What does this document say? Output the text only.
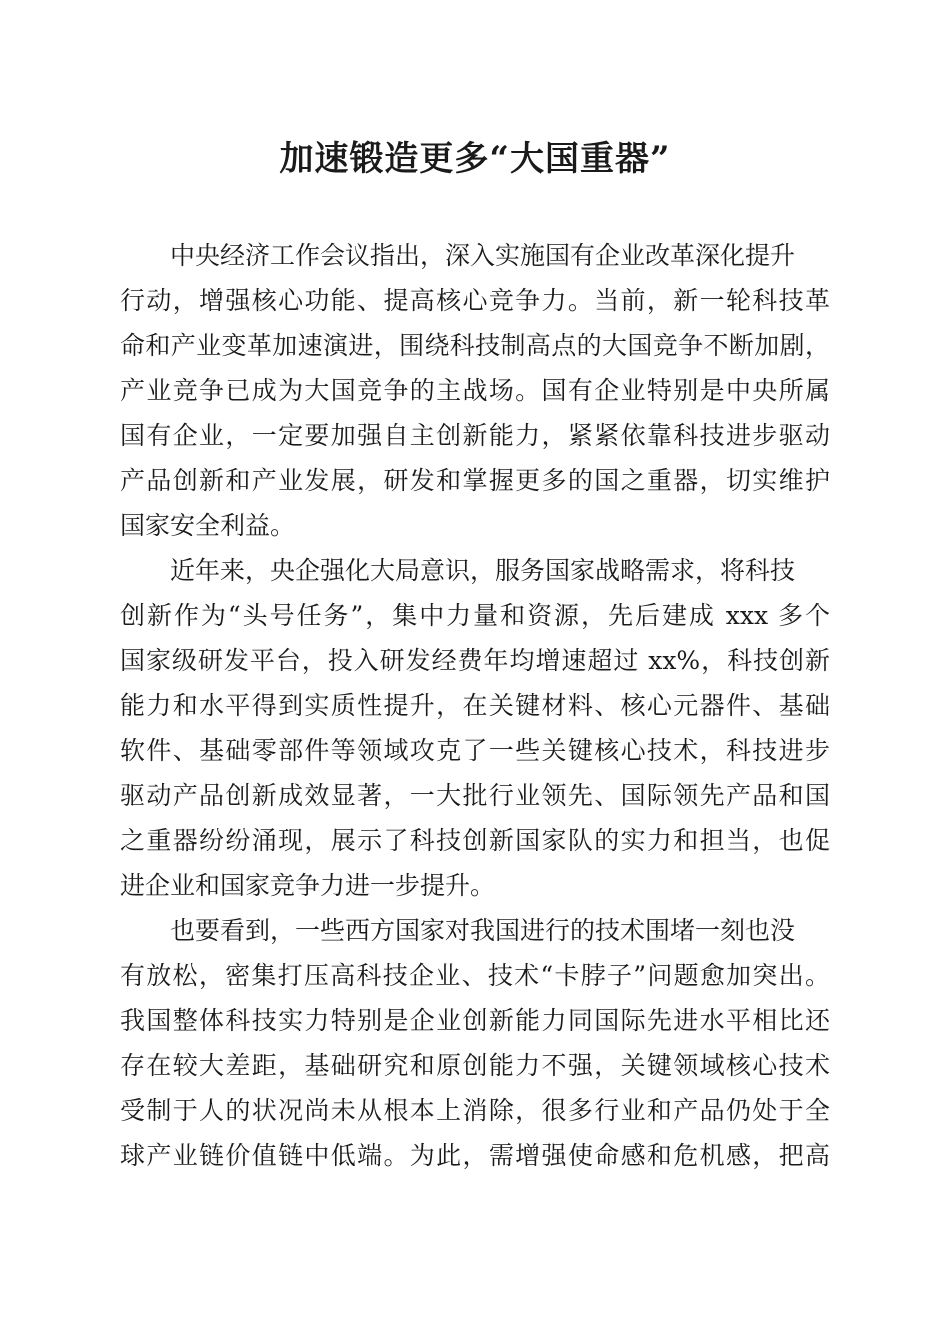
加速锻造更多“大国重器”
中央经济工作会议指出，深入实施国有企业改革深化提升
行动，增强核心功能、提高核心竞争力。当前，新一轮科技革
命和产业变革加速演进，围绕科技制高点的大国竞争不断加剧，
产业竞争已成为大国竞争的主战场。国有企业特别是中央所属
国有企业，一定要加强自主创新能力，紧紧依靠科技进步驱动
产品创新和产业发展，研发和掌握更多的国之重器，切实维护
国家安全利益。
近年来，央企强化大局意识，服务国家战略需求，将科技
创新作为“头号任务”，集中力量和资源，先后建成 xxx 多个
国家级研发平台，投入研发经费年均增速超过 xx%，科技创新
能力和水平得到实质性提升，在关键材料、核心元器件、基础
软件、基础零部件等领域攻克了一些关键核心技术，科技进步
驱动产品创新成效显著，一大批行业领先、国际领先产品和国
之重器纷纷涌现，展示了科技创新国家队的实力和担当，也促
进企业和国家竞争力进一步提升。
也要看到，一些西方国家对我国进行的技术围堵一刻也没
有放松，密集打压高科技企业、技术“卡脖子”问题愈加突出。
我国整体科技实力特别是企业创新能力同国际先进水平相比还
存在较大差距，基础研究和原创能力不强，关键领域核心技术
受制于人的状况尚未从根本上消除，很多行业和产品仍处于全
球产业链价值链中低端。为此，需增强使命感和危机感，把高
